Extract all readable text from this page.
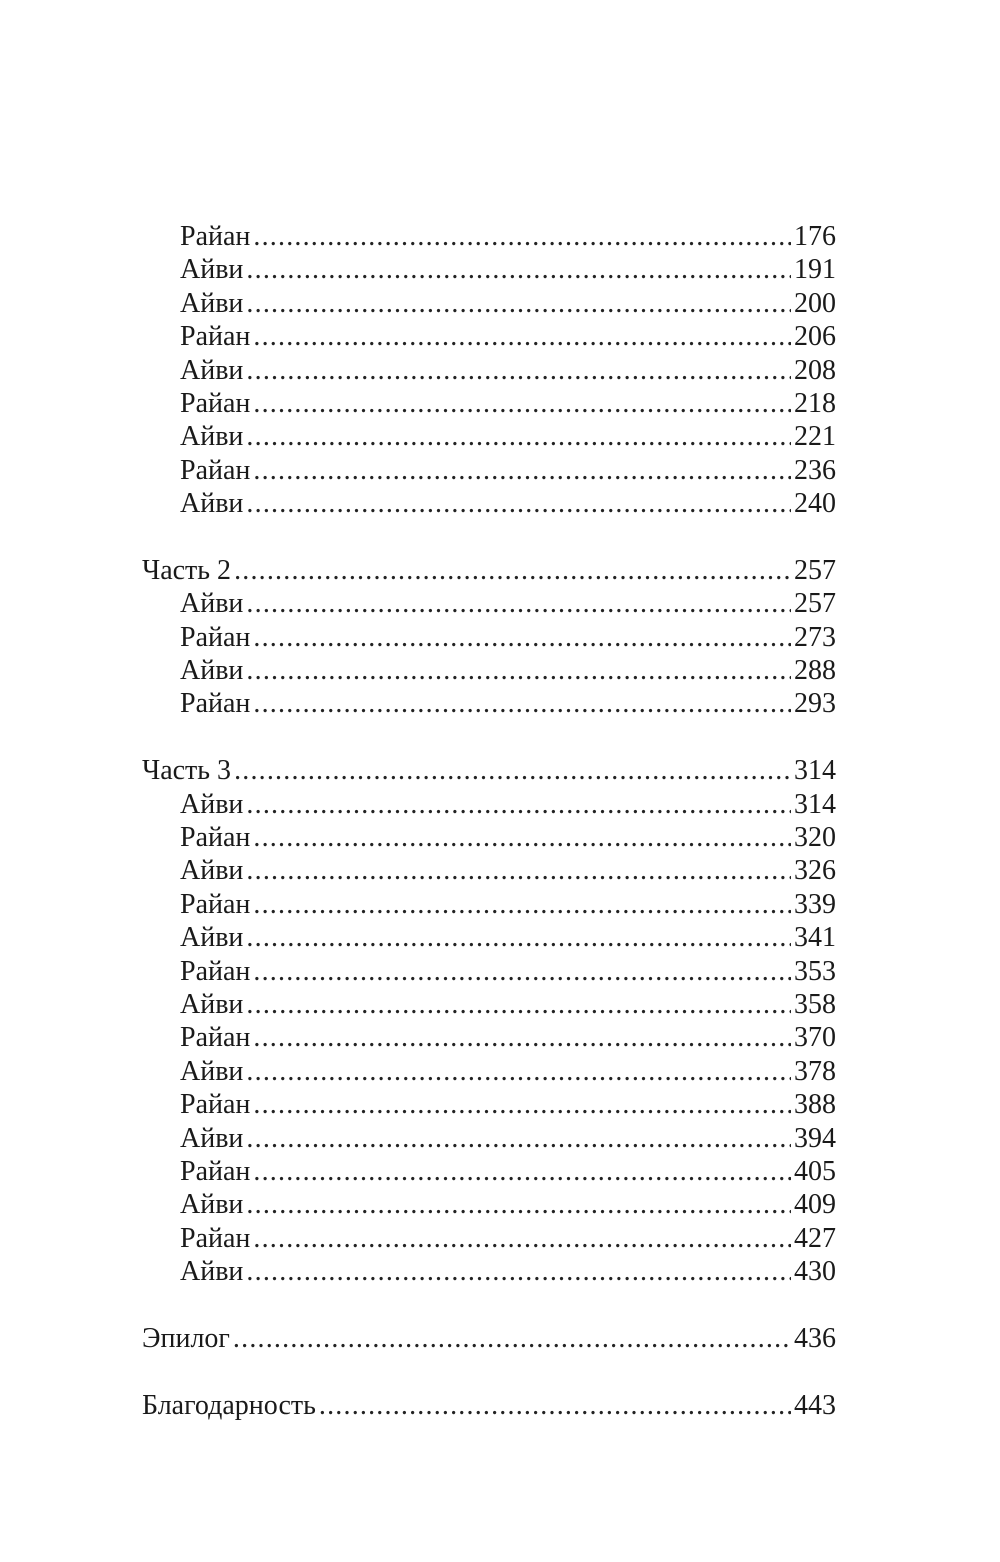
Райан .....	176
Айви .....	191
Айви .....	200
Райан .....	206
Айви .....	208
Райан .....	218
Айви .....	221
Райан .....	236
Айви .....	240
Часть 2 .....	257
Айви .....	257
Райан .....	273
Айви .....	288
Райан .....	293
Часть 3 .....	314
Айви .....	314
Райан .....	320
Айви .....	326
Райан .....	339
Айви .....	341
Райан .....	353
Айви .....	358
Райан .....	370
Айви .....	378
Райан .....	388
Айви .....	394
Райан .....	405
Айви .....	409
Райан .....	427
Айви .....	430
Эпилог .....	436
Благодарность .....	443
